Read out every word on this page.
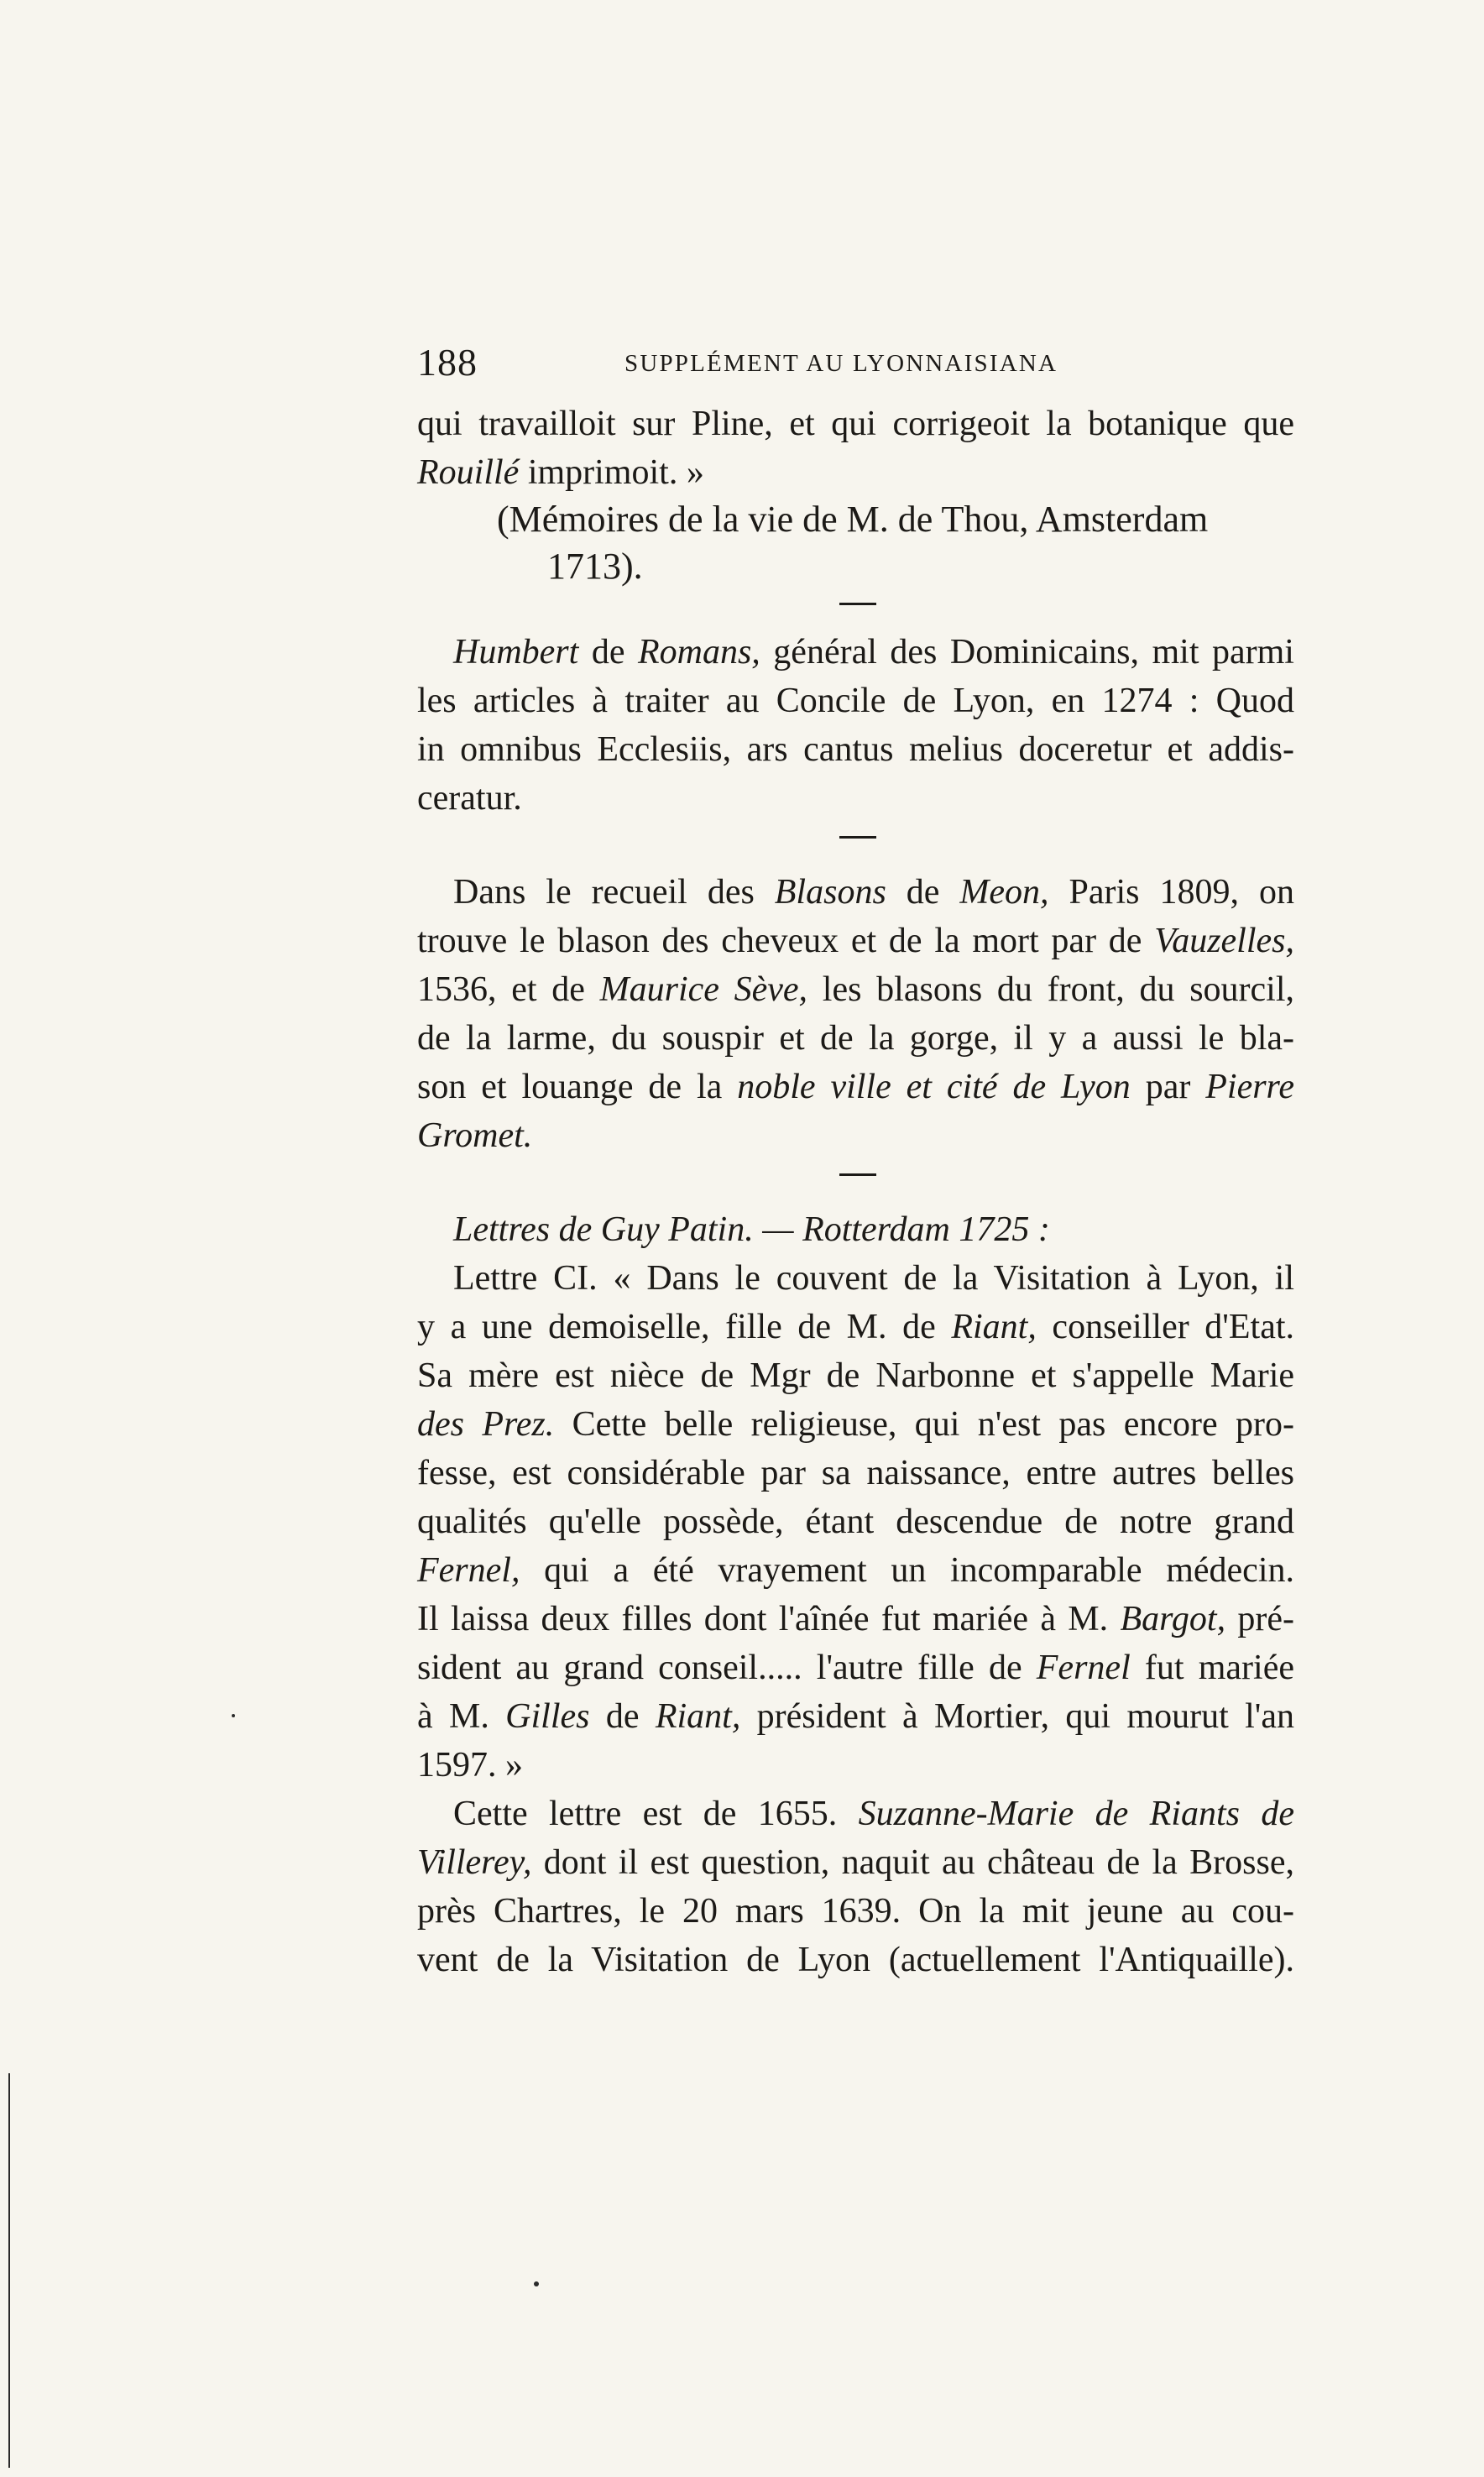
188	SUPPLÉMENT AU LYONNAISIANA
qui travailloit sur Pline, et qui corrigeoit la botanique que
Rouillé imprimoit. »
(Mémoires de la vie de M. de Thou, Amsterdam
1713).
Humbert de Romans, général des Dominicains, mit parmi
les articles à traiter au Concile de Lyon, en 1274 : Quod
in omnibus Ecclesiis, ars cantus melius doceretur et addis-
ceratur.
Dans le recueil des Blasons de Meon, Paris 1809, on
trouve le blason des cheveux et de la mort par de Vauzelles,
1536, et de Maurice Sève, les blasons du front, du sourcil,
de la larme, du souspir et de la gorge, il y a aussi le bla-
son et louange de la noble ville et cité de Lyon par Pierre
Gromet.
Lettres de Guy Patin. — Rotterdam 1725 :
Lettre CI. « Dans le couvent de la Visitation à Lyon, il
y a une demoiselle, fille de M. de Riant, conseiller d'Etat.
Sa mère est nièce de Mgr de Narbonne et s'appelle Marie
des Prez. Cette belle religieuse, qui n'est pas encore pro-
fesse, est considérable par sa naissance, entre autres belles
qualités qu'elle possède, étant descendue de notre grand
Fernel, qui a été vrayement un incomparable médecin.
Il laissa deux filles dont l'aînée fut mariée à M. Bargot, pré-
sident au grand conseil..... l'autre fille de Fernel fut mariée
à M. Gilles de Riant, président à Mortier, qui mourut l'an
1597. »
Cette lettre est de 1655. Suzanne-Marie de Riants de
Villerey, dont il est question, naquit au château de la Brosse,
près Chartres, le 20 mars 1639. On la mit jeune au cou-
vent de la Visitation de Lyon (actuellement l'Antiquaille).
